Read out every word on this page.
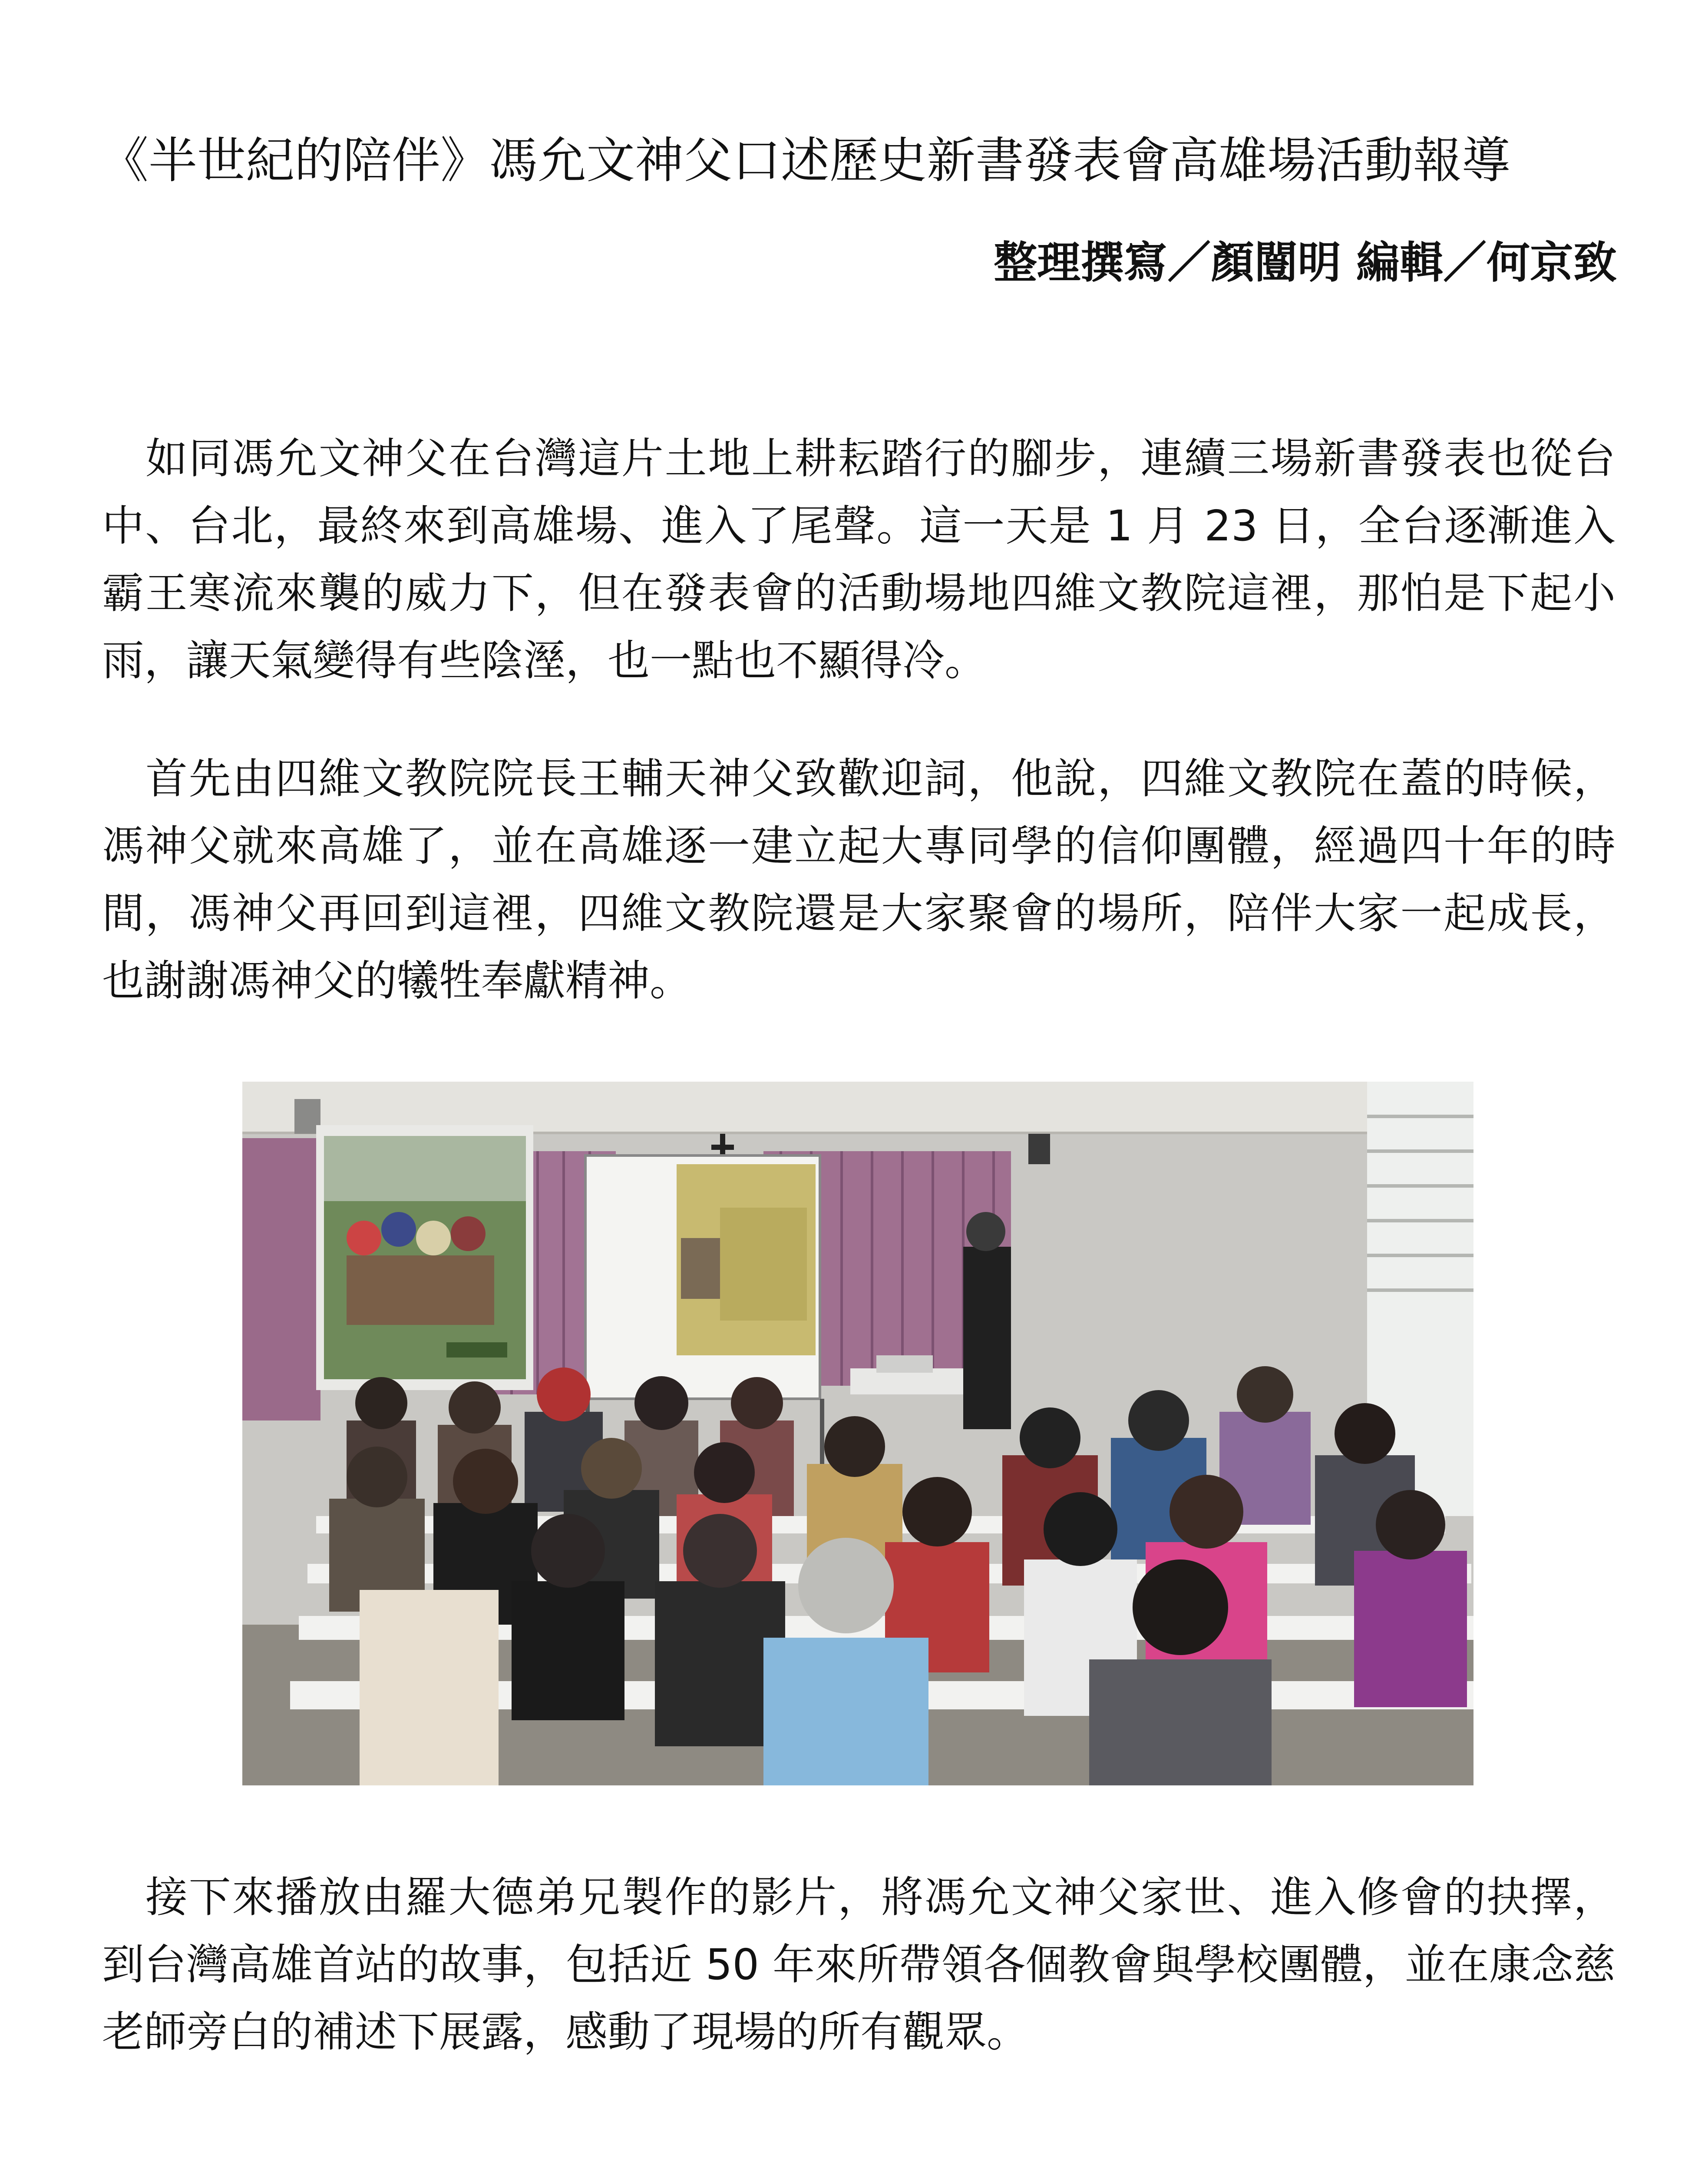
《半世紀的陪伴》馮允文神父口述歷史新書發表會高雄場活動報導
整理撰寫／顏闓明 編輯／何京致

如同馮允文神父在台灣這片土地上耕耘踏行的腳步，連續三場新書發表也從台中、台北，最終來到高雄場、進入了尾聲。這一天是 1 月 23 日，全台逐漸進入霸王寒流來襲的威力下，但在發表會的活動場地四維文教院這裡，那怕是下起小雨，讓天氣變得有些陰溼，也一點也不顯得冷。

首先由四維文教院院長王輔天神父致歡迎詞，他說，四維文教院在蓋的時候，馮神父就來高雄了，並在高雄逐一建立起大專同學的信仰團體，經過四十年的時間，馮神父再回到這裡，四維文教院還是大家聚會的場所，陪伴大家一起成長，也謝謝馮神父的犧牲奉獻精神。

接下來播放由羅大德弟兄製作的影片，將馮允文神父家世、進入修會的抉擇，到台灣高雄首站的故事，包括近 50 年來所帶領各個教會與學校團體，並在康念慈老師旁白的補述下展露，感動了現場的所有觀眾。
